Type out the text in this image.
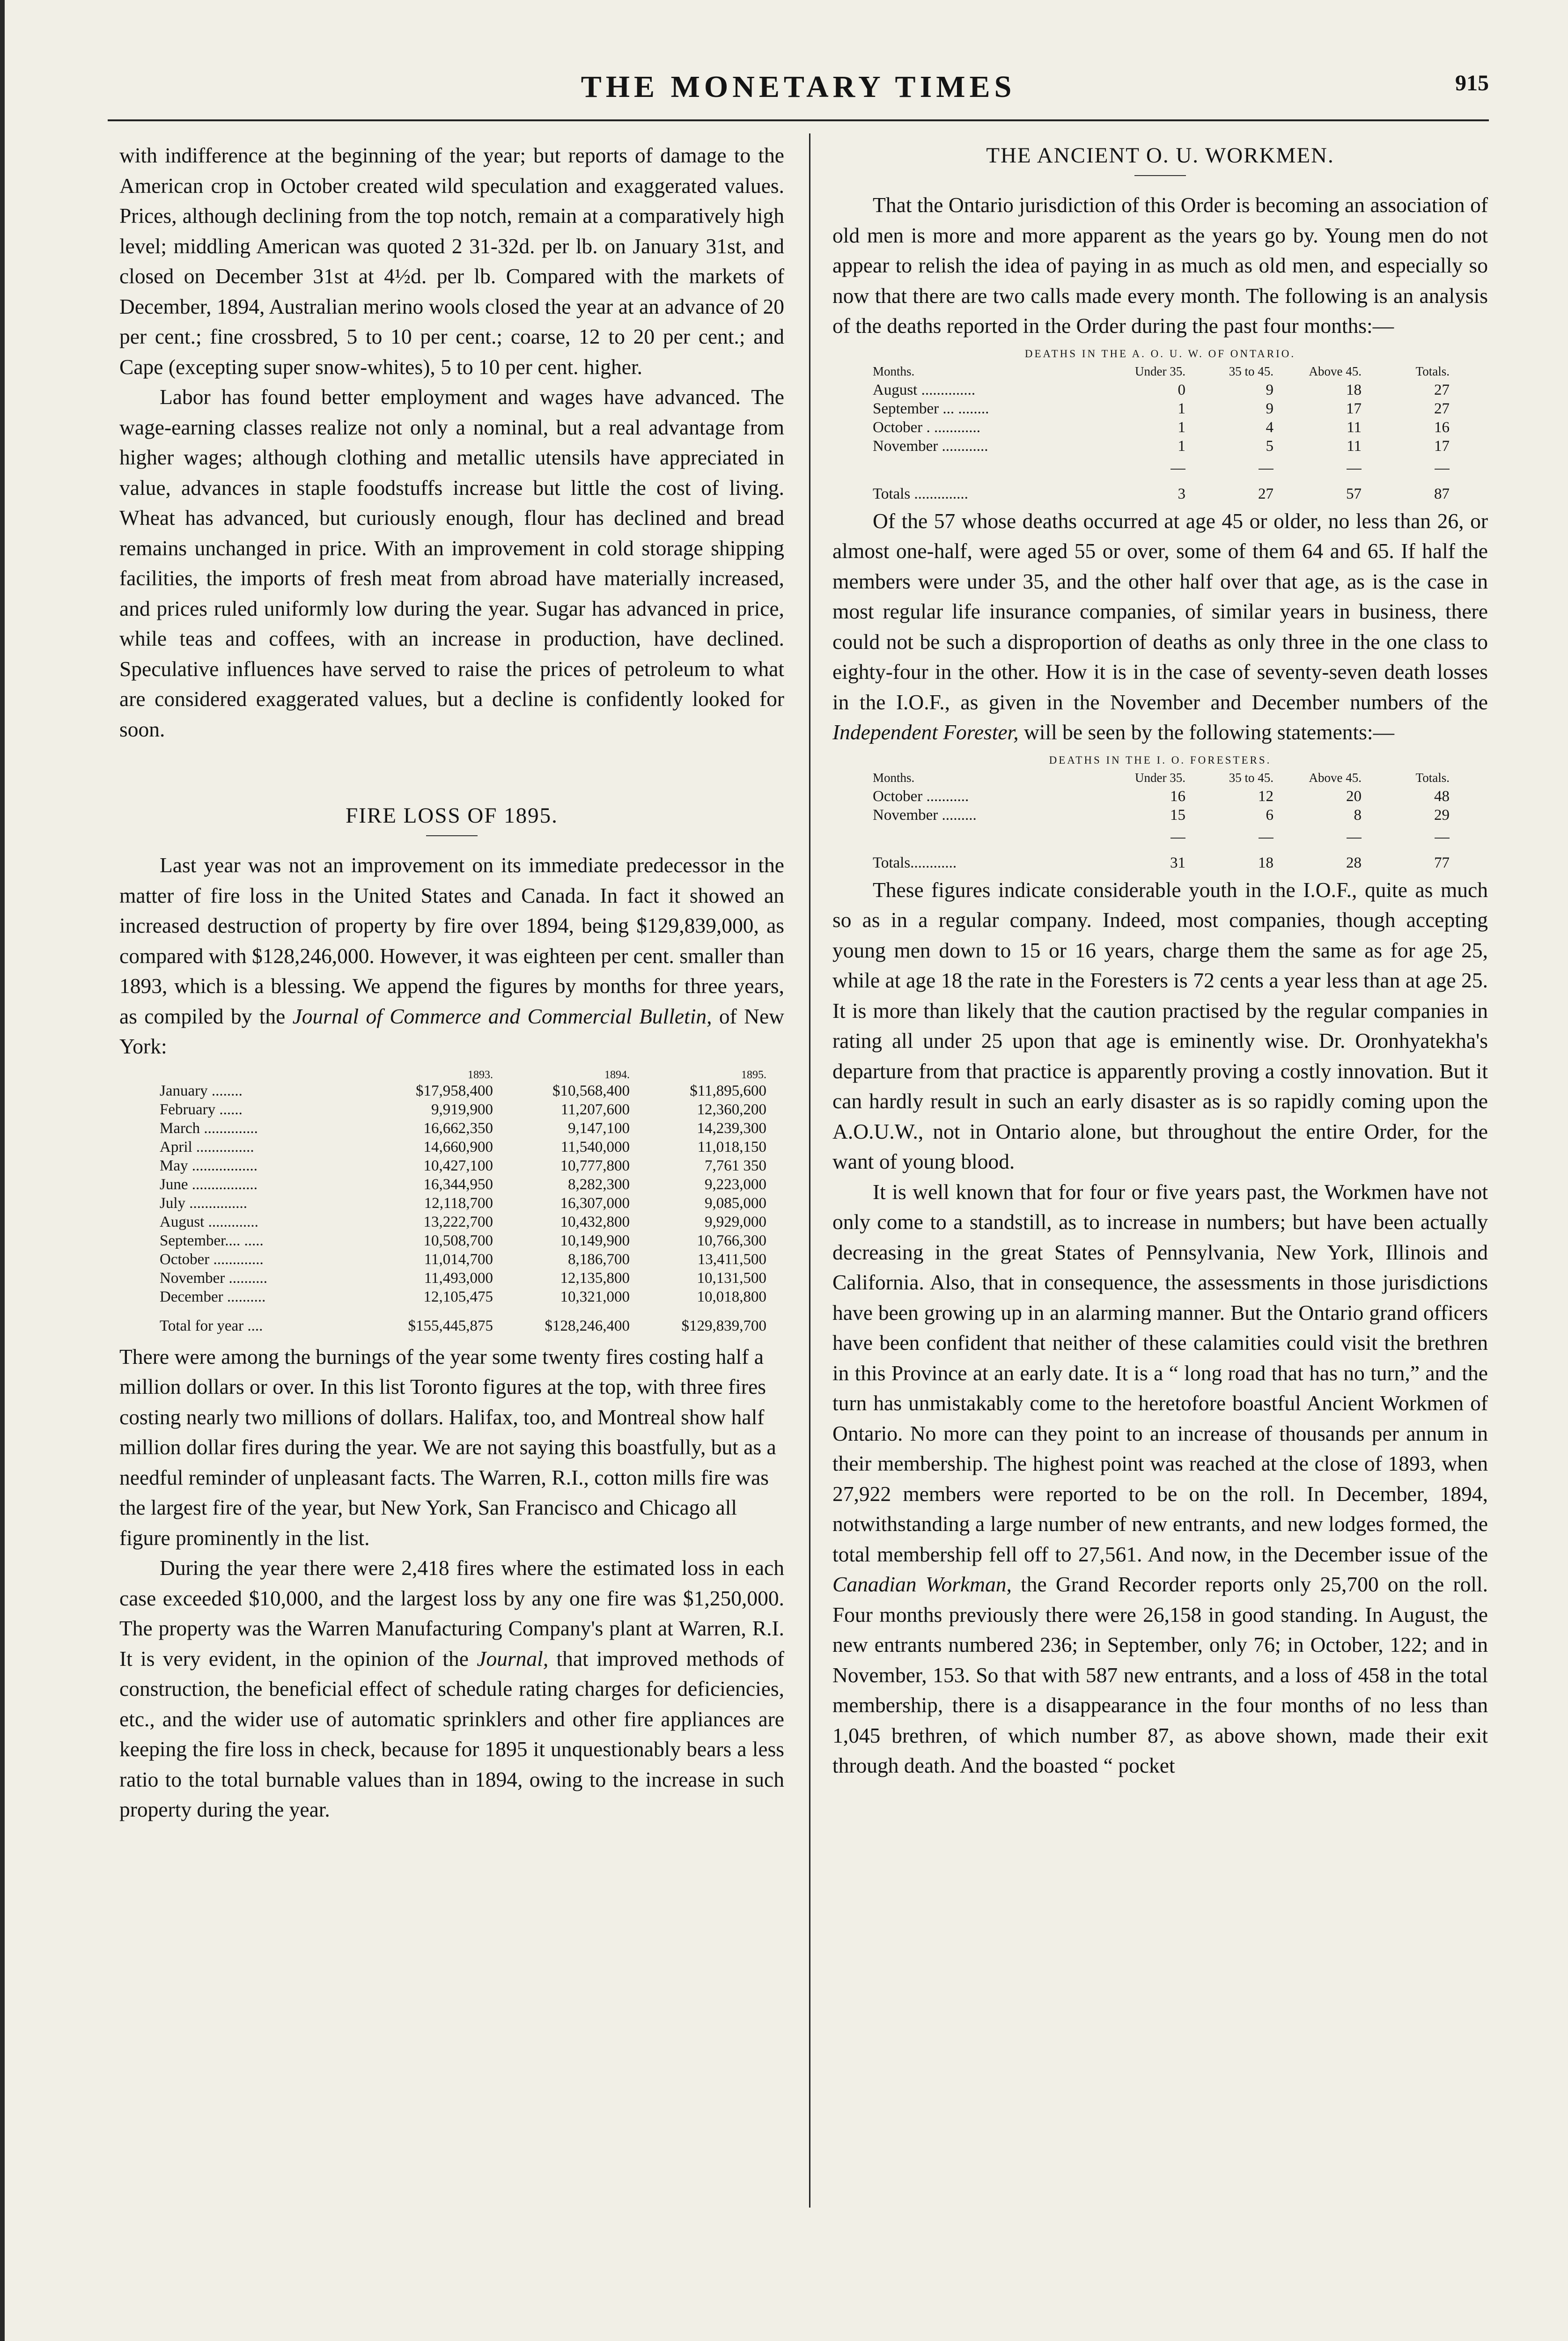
THE MONETARY TIMES	915

with indifference at the beginning of the year; but reports of damage to the American crop in October created wild speculation and exaggerated values. Prices, although declining from the top notch, remain at a comparatively high level; middling American was quoted 2 31-32d. per lb. on January 31st, and closed on December 31st at 4½d. per lb. Compared with the markets of December, 1894, Australian merino wools closed the year at an advance of 20 per cent.; fine crossbred, 5 to 10 per cent.; coarse, 12 to 20 per cent.; and Cape (excepting super snow-whites), 5 to 10 per cent. higher.

Labor has found better employment and wages have advanced. The wage-earning classes realize not only a nominal, but a real advantage from higher wages; although clothing and metallic utensils have appreciated in value, advances in staple foodstuffs increase but little the cost of living. Wheat has advanced, but curiously enough, flour has declined and bread remains unchanged in price. With an improvement in cold storage shipping facilities, the imports of fresh meat from abroad have materially increased, and prices ruled uniformly low during the year. Sugar has advanced in price, while teas and coffees, with an increase in production, have declined. Speculative influences have served to raise the prices of petroleum to what are considered exaggerated values, but a decline is confidently looked for soon.

FIRE LOSS OF 1895.

Last year was not an improvement on its immediate predecessor in the matter of fire loss in the United States and Canada. In fact it showed an increased destruction of property by fire over 1894, being $129,839,000, as compared with $128,246,000. However, it was eighteen per cent. smaller than 1893, which is a blessing. We append the figures by months for three years, as compiled by the Journal of Commerce and Commercial Bulletin, of New York:

	1893.	1894.	1895.
January ........	$17,958,400	$10,568,400	$11,895,600
February ......	9,919,900	11,207,600	12,360,200
March ..............	16,662,350	9,147,100	14,239,300
April ...............	14,660,900	11,540,000	11,018,150
May .................	10,427,100	10,777,800	7,761 350
June .................	16,344,950	8,282,300	9,223,000
July ...............	12,118,700	16,307,000	9,085,000
August .............	13,222,700	10,432,800	9,929,000
September.... .....	10,508,700	10,149,900	10,766,300
October .............	11,014,700	8,186,700	13,411,500
November ..........	11,493,000	12,135,800	10,131,500
December ..........	12,105,475	10,321,000	10,018,800
Total for year ....	$155,445,875	$128,246,400	$129,839,700

There were among the burnings of the year some twenty fires costing half a million dollars or over. In this list Toronto figures at the top, with three fires costing nearly two millions of dollars. Halifax, too, and Montreal show half million dollar fires during the year. We are not saying this boastfully, but as a needful reminder of unpleasant facts. The Warren, R.I., cotton mills fire was the largest fire of the year, but New York, San Francisco and Chicago all figure prominently in the list.

During the year there were 2,418 fires where the estimated loss in each case exceeded $10,000, and the largest loss by any one fire was $1,250,000. The property was the Warren Manufacturing Company's plant at Warren, R.I. It is very evident, in the opinion of the Journal, that improved methods of construction, the beneficial effect of schedule rating charges for deficiencies, etc., and the wider use of automatic sprinklers and other fire appliances are keeping the fire loss in check, because for 1895 it unquestionably bears a less ratio to the total burnable values than in 1894, owing to the increase in such property during the year.

THE ANCIENT O. U. WORKMEN.

That the Ontario jurisdiction of this Order is becoming an association of old men is more and more apparent as the years go by. Young men do not appear to relish the idea of paying in as much as old men, and especially so now that there are two calls made every month. The following is an analysis of the deaths reported in the Order during the past four months:—

DEATHS IN THE A. O. U. W. OF ONTARIO.
Months.	Under 35.	35 to 45.	Above 45.	Totals.
August ..............	0	9	18	27
September ... ........	1	9	17	27
October . ............	1	4	11	16
November ............	1	5	11	17

Totals ..............	3	27	57	87

Of the 57 whose deaths occurred at age 45 or older, no less than 26, or almost one-half, were aged 55 or over, some of them 64 and 65. If half the members were under 35, and the other half over that age, as is the case in most regular life insurance companies, of similar years in business, there could not be such a disproportion of deaths as only three in the one class to eighty-four in the other. How it is in the case of seventy-seven death losses in the I.O.F., as given in the November and December numbers of the Independent Forester, will be seen by the following statements:—

DEATHS IN THE I. O. FORESTERS.
Months.	Under 35.	35 to 45.	Above 45.	Totals.
October ...........	16	12	20	48
November .........	15	6	8	29

Totals............	31	18	28	77

These figures indicate considerable youth in the I.O.F., quite as much so as in a regular company. Indeed, most companies, though accepting young men down to 15 or 16 years, charge them the same as for age 25, while at age 18 the rate in the Foresters is 72 cents a year less than at age 25. It is more than likely that the caution practised by the regular companies in rating all under 25 upon that age is eminently wise. Dr. Oronhyatekha's departure from that practice is apparently proving a costly innovation. But it can hardly result in such an early disaster as is so rapidly coming upon the A.O.U.W., not in Ontario alone, but throughout the entire Order, for the want of young blood.

It is well known that for four or five years past, the Workmen have not only come to a standstill, as to increase in numbers; but have been actually decreasing in the great States of Pennsylvania, New York, Illinois and California. Also, that in consequence, the assessments in those jurisdictions have been growing up in an alarming manner. But the Ontario grand officers have been confident that neither of these calamities could visit the brethren in this Province at an early date. It is a “ long road that has no turn,” and the turn has unmistakably come to the heretofore boastful Ancient Workmen of Ontario. No more can they point to an increase of thousands per annum in their membership. The highest point was reached at the close of 1893, when 27,922 members were reported to be on the roll. In December, 1894, notwithstanding a large number of new entrants, and new lodges formed, the total membership fell off to 27,561. And now, in the December issue of the Canadian Workman, the Grand Recorder reports only 25,700 on the roll. Four months previously there were 26,158 in good standing. In August, the new entrants numbered 236; in September, only 76; in October, 122; and in November, 153. So that with 587 new entrants, and a loss of 458 in the total membership, there is a disappearance in the four months of no less than 1,045 brethren, of which number 87, as above shown, made their exit through death. And the boasted “ pocket
